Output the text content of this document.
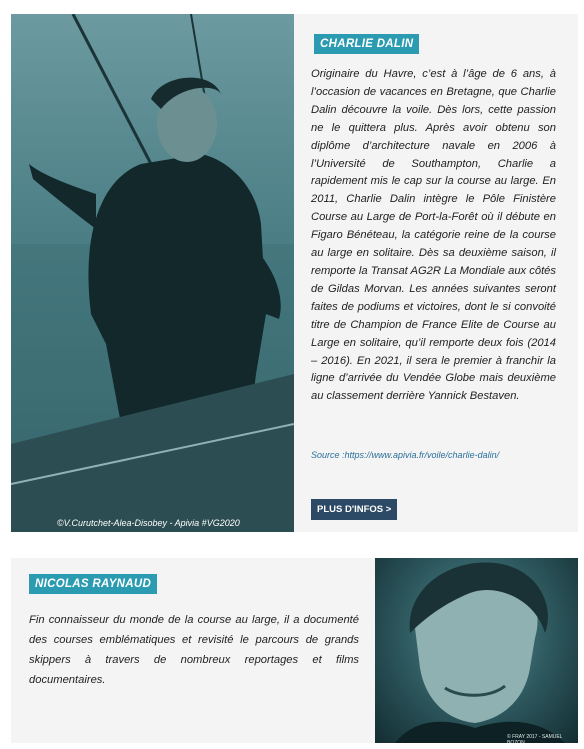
©V.Curutchet-Alea-Disobey - Apivia #VG2020
CHARLIE DALIN

Originaire du Havre, c’est à l’âge de 6 ans, à l’occasion de vacances en Bretagne, que Charlie Dalin découvre la voile. Dès lors, cette passion ne le quittera plus. Après avoir obtenu son diplôme d’architecture navale en 2006 à l’Université de Southampton, Charlie a rapidement mis le cap sur la course au large. En 2011, Charlie Dalin intègre le Pôle Finistère Course au Large de Port-la-Forêt où il débute en Figaro Bénéteau, la catégorie reine de la course au large en solitaire. Dès sa deuxième saison, il remporte la Transat AG2R La Mondiale aux côtés de Gildas Morvan. Les années suivantes seront faites de podiums et victoires, dont le si convoité titre de Champion de France Elite de Course au Large en solitaire, qu’il remporte deux fois (2014 – 2016). En 2021, il sera le premier à franchir la ligne d’arrivée du Vendée Globe mais deuxième au classement derrière Yannick Bestaven.

Source :https://www.apivia.fr/voile/charlie-dalin/
PLUS D'INFOS >
NICOLAS RAYNAUD

Fin connaisseur du monde de la course au large, il a documenté des courses emblématiques et revisité le parcours de grands skippers à travers de nombreux reportages et films documentaires.

© FRAY 2017 - SAMUEL BOZON
